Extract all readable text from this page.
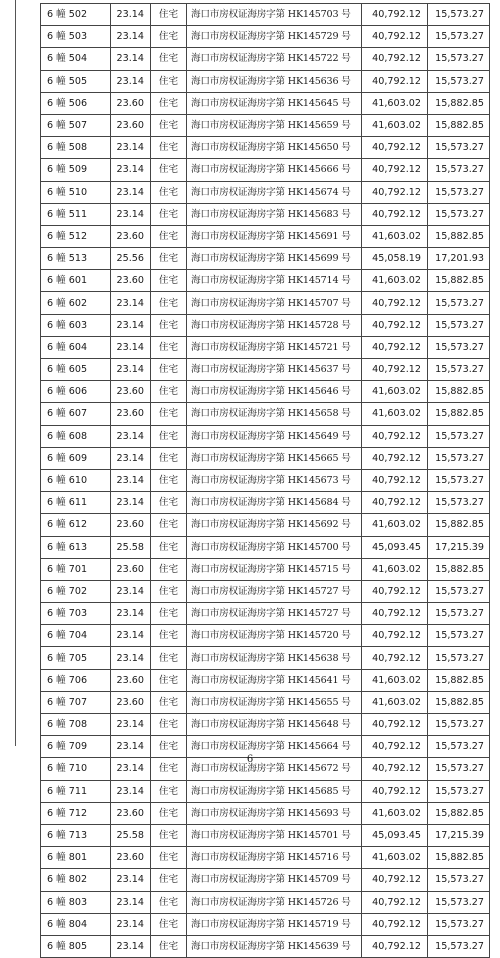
6 幢 502	23.14	住宅	海口市房权证海房字第 HK145703 号	40,792.12	15,573.27
6 幢 503	23.14	住宅	海口市房权证海房字第 HK145729 号	40,792.12	15,573.27
6 幢 504	23.14	住宅	海口市房权证海房字第 HK145722 号	40,792.12	15,573.27
6 幢 505	23.14	住宅	海口市房权证海房字第 HK145636 号	40,792.12	15,573.27
6 幢 506	23.60	住宅	海口市房权证海房字第 HK145645 号	41,603.02	15,882.85
6 幢 507	23.60	住宅	海口市房权证海房字第 HK145659 号	41,603.02	15,882.85
6 幢 508	23.14	住宅	海口市房权证海房字第 HK145650 号	40,792.12	15,573.27
6 幢 509	23.14	住宅	海口市房权证海房字第 HK145666 号	40,792.12	15,573.27
6 幢 510	23.14	住宅	海口市房权证海房字第 HK145674 号	40,792.12	15,573.27
6 幢 511	23.14	住宅	海口市房权证海房字第 HK145683 号	40,792.12	15,573.27
6 幢 512	23.60	住宅	海口市房权证海房字第 HK145691 号	41,603.02	15,882.85
6 幢 513	25.56	住宅	海口市房权证海房字第 HK145699 号	45,058.19	17,201.93
6 幢 601	23.60	住宅	海口市房权证海房字第 HK145714 号	41,603.02	15,882.85
6 幢 602	23.14	住宅	海口市房权证海房字第 HK145707 号	40,792.12	15,573.27
6 幢 603	23.14	住宅	海口市房权证海房字第 HK145728 号	40,792.12	15,573.27
6 幢 604	23.14	住宅	海口市房权证海房字第 HK145721 号	40,792.12	15,573.27
6 幢 605	23.14	住宅	海口市房权证海房字第 HK145637 号	40,792.12	15,573.27
6 幢 606	23.60	住宅	海口市房权证海房字第 HK145646 号	41,603.02	15,882.85
6 幢 607	23.60	住宅	海口市房权证海房字第 HK145658 号	41,603.02	15,882.85
6 幢 608	23.14	住宅	海口市房权证海房字第 HK145649 号	40,792.12	15,573.27
6 幢 609	23.14	住宅	海口市房权证海房字第 HK145665 号	40,792.12	15,573.27
6 幢 610	23.14	住宅	海口市房权证海房字第 HK145673 号	40,792.12	15,573.27
6 幢 611	23.14	住宅	海口市房权证海房字第 HK145684 号	40,792.12	15,573.27
6 幢 612	23.60	住宅	海口市房权证海房字第 HK145692 号	41,603.02	15,882.85
6 幢 613	25.58	住宅	海口市房权证海房字第 HK145700 号	45,093.45	17,215.39
6 幢 701	23.60	住宅	海口市房权证海房字第 HK145715 号	41,603.02	15,882.85
6 幢 702	23.14	住宅	海口市房权证海房字第 HK145727 号	40,792.12	15,573.27
6 幢 703	23.14	住宅	海口市房权证海房字第 HK145727 号	40,792.12	15,573.27
6 幢 704	23.14	住宅	海口市房权证海房字第 HK145720 号	40,792.12	15,573.27
6 幢 705	23.14	住宅	海口市房权证海房字第 HK145638 号	40,792.12	15,573.27
6 幢 706	23.60	住宅	海口市房权证海房字第 HK145641 号	41,603.02	15,882.85
6 幢 707	23.60	住宅	海口市房权证海房字第 HK145655 号	41,603.02	15,882.85
6 幢 708	23.14	住宅	海口市房权证海房字第 HK145648 号	40,792.12	15,573.27
6 幢 709	23.14	住宅	海口市房权证海房字第 HK145664 号	40,792.12	15,573.27
6 幢 710	23.14	住宅	海口市房权证海房字第 HK145672 号	40,792.12	15,573.27
6 幢 711	23.14	住宅	海口市房权证海房字第 HK145685 号	40,792.12	15,573.27
6 幢 712	23.60	住宅	海口市房权证海房字第 HK145693 号	41,603.02	15,882.85
6 幢 713	25.58	住宅	海口市房权证海房字第 HK145701 号	45,093.45	17,215.39
6 幢 801	23.60	住宅	海口市房权证海房字第 HK145716 号	41,603.02	15,882.85
6 幢 802	23.14	住宅	海口市房权证海房字第 HK145709 号	40,792.12	15,573.27
6 幢 803	23.14	住宅	海口市房权证海房字第 HK145726 号	40,792.12	15,573.27
6 幢 804	23.14	住宅	海口市房权证海房字第 HK145719 号	40,792.12	15,573.27
6 幢 805	23.14	住宅	海口市房权证海房字第 HK145639 号	40,792.12	15,573.27
6
